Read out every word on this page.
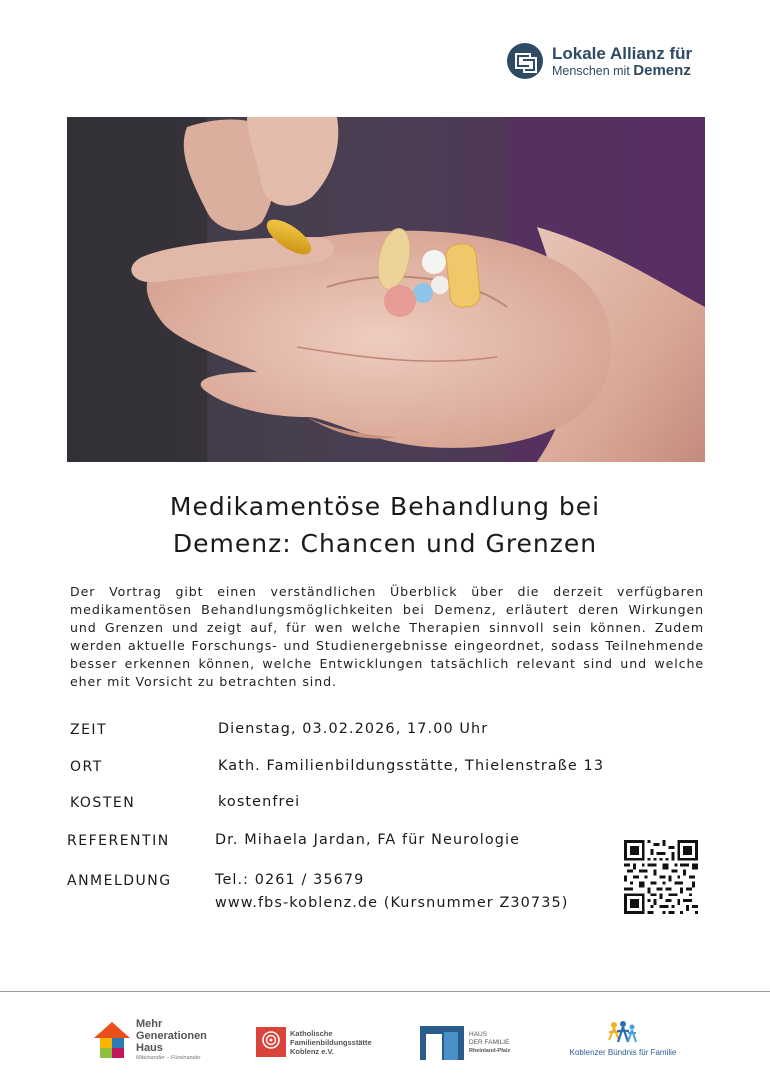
Lokale Allianz für
Menschen mit Demenz
Medikamentöse Behandlung bei
Demenz: Chancen und Grenzen
Der Vortrag gibt einen verständlichen Überblick über die derzeit verfügbaren medikamentösen Behandlungsmöglichkeiten bei Demenz, erläutert deren Wirkungen und Grenzen und zeigt auf, für wen welche Therapien sinnvoll sein können. Zudem werden aktuelle Forschungs- und Studienergebnisse eingeordnet, sodass Teilnehmende besser erkennen können, welche Entwicklungen tatsächlich relevant sind und welche eher mit Vorsicht zu betrachten sind.
ZEIT	Dienstag, 03.02.2026, 17.00 Uhr
ORT	Kath. Familienbildungsstätte, Thielenstraße 13
KOSTEN	kostenfrei
REFERENTIN	Dr. Mihaela Jardan, FA für Neurologie
ANMELDUNG	Tel.: 0261 / 35679
www.fbs-koblenz.de (Kursnummer Z30735)
Mehr
Generationen
Haus
Miteinander – Füreinander
Katholische
Familienbildungsstätte
Koblenz e.V.
HAUS
DER FAMILIE
Rheinland-Pfalz	Koblenzer Bündnis für Familie
